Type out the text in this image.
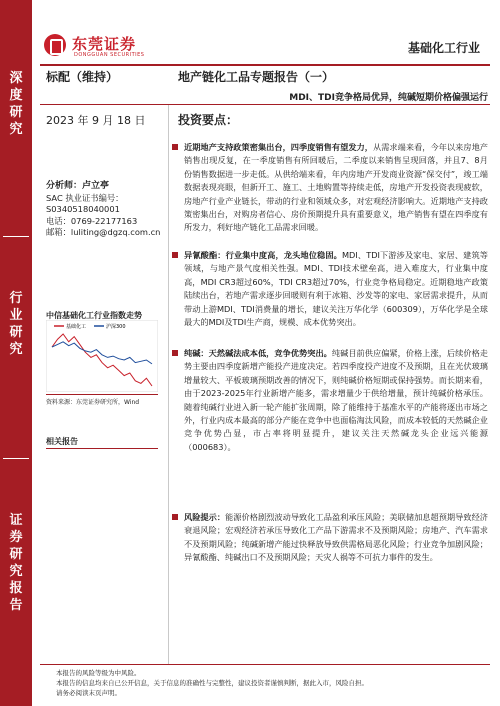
深
度
研
究
行
业
研
究
证
券
研
究
报
告
东莞证券
DONGGUAN SECURITIES	基础化工行业
标配（维持）	地产链化工品专题报告（一）
MDI、TDI竞争格局优异，纯碱短期价格偏强运行
2023 年 9 月 18 日	投资要点：
分析师：卢立亭
SAC 执业证书编号：
S0340518040001
电话：0769-22177163
邮箱：luliting@dgzq.com.cn
中信基础化工行业指数走势
基础化工	沪深300
资料来源：东莞证券研究所，Wind
相关报告
近期地产支持政策密集出台，四季度销售有望发力，从需求端来看，今年以来房地产销售出现反复，在一季度销售有所回暖后，二季度以来销售呈现回落，并且7、8月份销售数据进一步走低。从供给端来看，年内房地产开发商业资源“保交付”，竣工端数据表现亮眼，但新开工、施工、土地购置等持续走低，房地产开发投资表现疲软，房地产行业产业链长，带动的行业和领域众多，对宏观经济影响大。近期地产支持政策密集出台，对购房者信心、房价预期提升具有重要意义，地产销售有望在四季度有所发力，利好地产链化工品需求回暖。
异氰酸酯：行业集中度高，龙头地位稳固。MDI、TDI下游涉及家电、家居、建筑等领域，与地产景气度相关性强。MDI、TDI技术壁垒高，进入难度大，行业集中度高，MDI CR3超过60%，TDI CR3超过70%，行业竞争格局稳定。近期稳地产政策陆续出台，若地产需求逐步回暖则有利于冰箱、沙发等的家电、家居需求提升，从而带动上游MDI、TDI消费量的增长，建议关注万华化学（600309），万华化学是全球最大的MDI及TDI生产商，规模、成本优势突出。
纯碱：天然碱法成本低，竞争优势突出。纯碱目前供应偏紧，价格上涨，后续价格走势主要由四季度新增产能投产进度决定。若四季度投产进度不及预期，且在光伏玻璃增量较大、平板玻璃预期改善的情况下，则纯碱价格短期或保持强势。而长期来看，由于2023-2025年行业新增产能多，需求增量少于供给增量，预计纯碱价格承压。随着纯碱行业进入新一轮产能扩张周期，除了能维持于基准水平的产能将逐出市场之外，行业内成本最高的部分产能在竞争中也面临淘汰风险，而成本较低的天然碱企业竞争优势凸显，市占率将明显提升，建议关注天然碱龙头企业远兴能源（000683）。
风险提示：能源价格剧烈波动导致化工品盈利承压风险；美联储加息超预期导致经济衰退风险；宏观经济若承压导致化工产品下游需求不及预期风险；房地产、汽车需求不及预期风险；纯碱新增产能过快释放导致供需格局恶化风险；行业竞争加剧风险；异氰酸酯、纯碱出口不及预期风险；天灾人祸等不可抗力事件的发生。
本报告的风险等级为中风险。
本报告的信息均来自已公开信息，关于信息的准确性与完整性，建议投资者谨慎判断，据此入市，风险自担。
请务必阅读末页声明。
